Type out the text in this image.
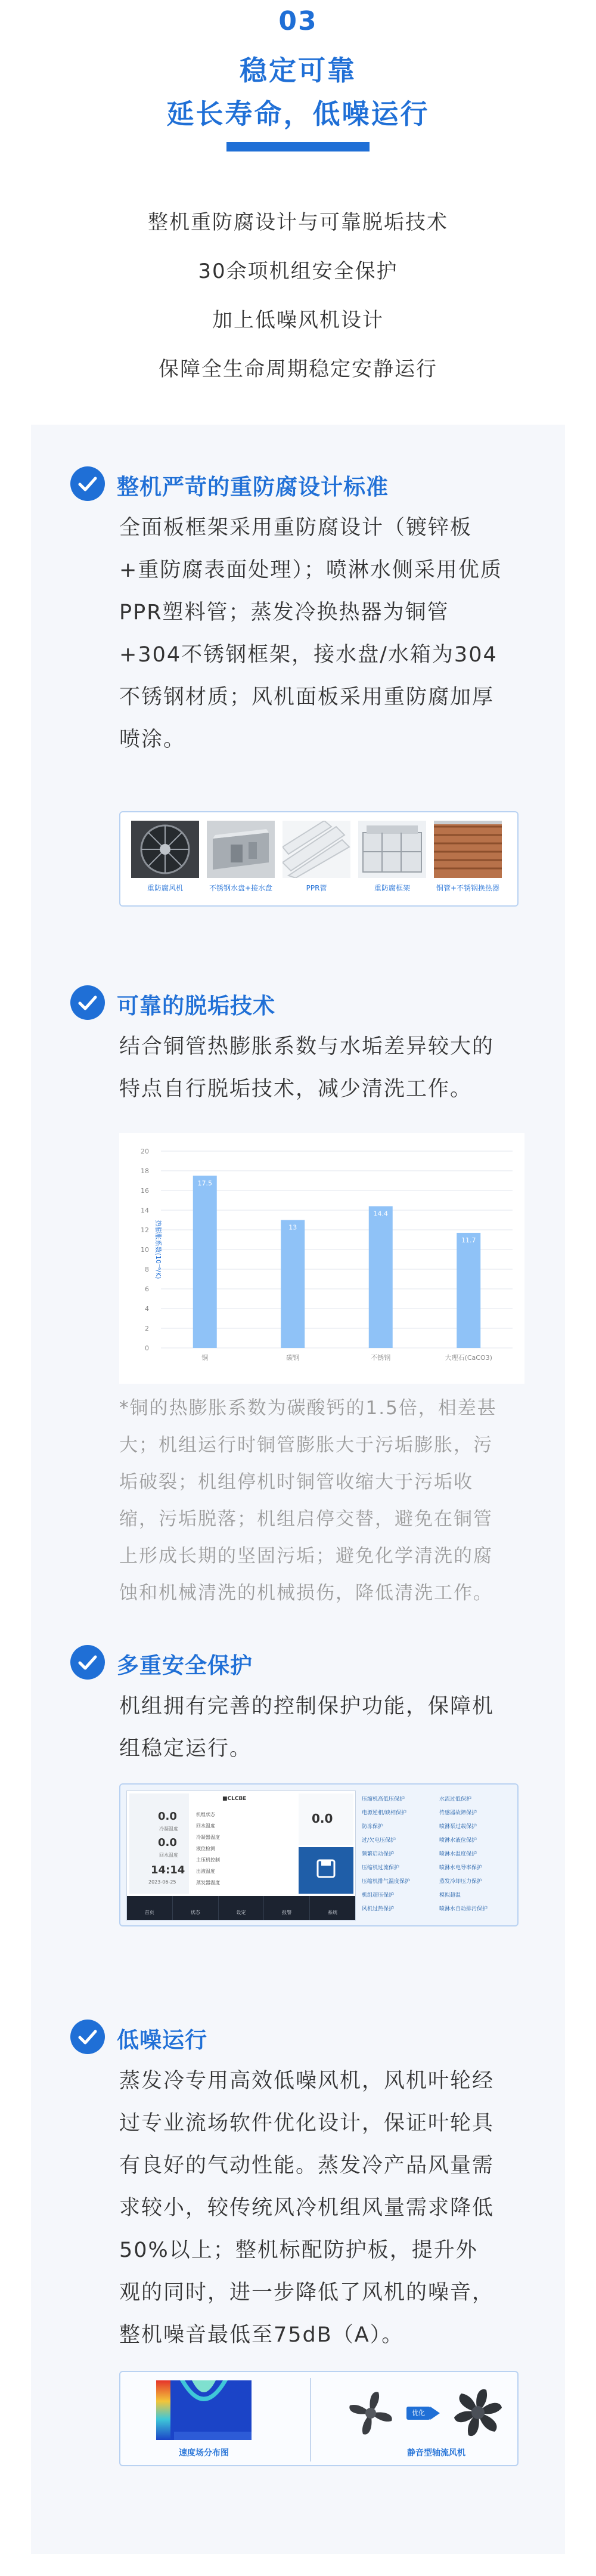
03
稳定可靠
延长寿命，低噪运行
整机重防腐设计与可靠脱垢技术
30余项机组安全保护
加上低噪风机设计
保障全生命周期稳定安静运行
整机严苛的重防腐设计标准
全面板框架采用重防腐设计（镀锌板
+重防腐表面处理）；喷淋水侧采用优质
PPR塑料管；蒸发冷换热器为铜管
+304不锈钢框架，接水盘/水箱为304
不锈钢材质；风机面板采用重防腐加厚
喷涂。
重防腐风机	不锈钢水盘+接水盘	PPR管	重防腐框架	铜管+不锈钢换热器
可靠的脱垢技术
结合铜管热膨胀系数与水垢差异较大的
特点自行脱垢技术，减少清洗工作。
0
2
4
6
8
10
12
14
16
18
20
热膨胀系数(10⁻⁶/K)
17.5
铜
13
碳钢
14.4
不锈钢
11.7
大理石(CaCO3)
*铜的热膨胀系数为碳酸钙的1.5倍，相差甚
大；机组运行时铜管膨胀大于污垢膨胀，污
垢破裂；机组停机时铜管收缩大于污垢收
缩，污垢脱落；机组启停交替，避免在铜管
上形成长期的坚固污垢；避免化学清洗的腐
蚀和机械清洗的机械损伤，降低清洗工作。
多重安全保护
机组拥有完善的控制保护功能，保障机
组稳定运行。
0.0
冷凝温度
0.0
回水温度
14:14
2023-06-25
■CLCBE
机组状态
回水温度
冷凝器温度
液位检测
主压机控制
出液温度
蒸发器温度
0.0
首页	状态	设定	报警	系统
压缩机高低压保护
电源逆相/缺相保护
防冻保护
过/欠电压保护
频繁启动保护
压缩机过流保护
压缩机排气温度保护
机组超压保护
风机过热保护
水流过低保护
传感器故障保护
喷淋泵过载保护
喷淋水液位保护
喷淋水温度保护
喷淋水电导率保护
蒸发冷却压力保护
模拟超温
喷淋水自动排污保护
低噪运行
蒸发冷专用高效低噪风机，风机叶轮经
过专业流场软件优化设计，保证叶轮具
有良好的气动性能。蒸发冷产品风量需
求较小，较传统风冷机组风量需求降低
50%以上；整机标配防护板，提升外
观的同时，进一步降低了风机的噪音，
整机噪音最低至75dB（A）。
速度场分布图
优化
静音型轴流风机
